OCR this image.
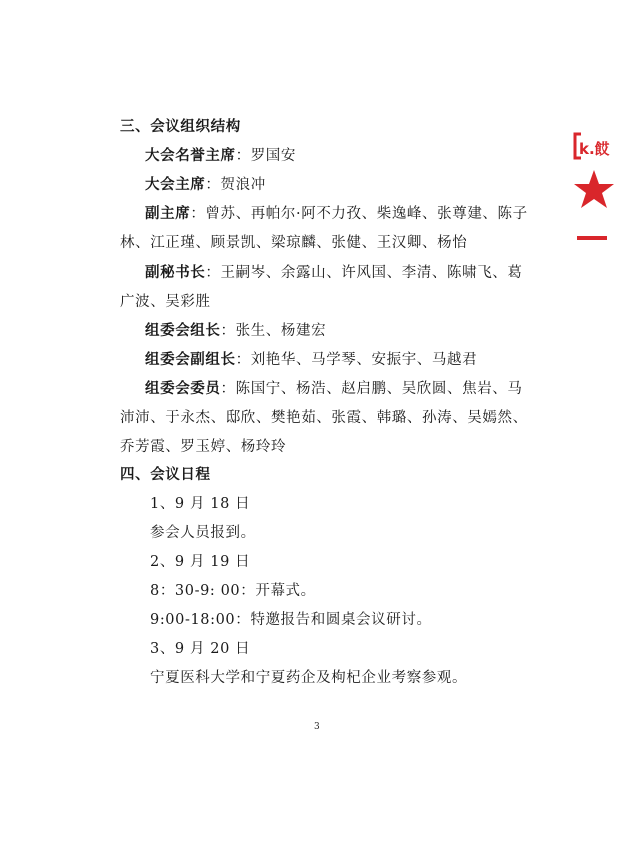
三、会议组织结构
大会名誉主席：罗国安
大会主席：贺浪冲
副主席：曾苏、再帕尔·阿不力孜、柴逸峰、张尊建、陈子
林、江正瑾、顾景凯、梁琼麟、张健、王汉卿、杨怡
副秘书长：王嗣岑、余露山、许风国、李清、陈啸飞、葛
广波、吴彩胜
组委会组长：张生、杨建宏
组委会副组长：刘艳华、马学琴、安振宇、马越君
组委会委员：陈国宁、杨浩、赵启鹏、吴欣圆、焦岩、马
沛沛、于永杰、邸欣、樊艳茹、张霞、韩璐、孙涛、吴嫣然、
乔芳霞、罗玉婷、杨玲玲
四、会议日程
1、9 月 18 日
参会人员报到。
2、9 月 19 日
8：30-9: 00：开幕式。
9:00-18:00：特邀报告和圆桌会议研讨。
3、9 月 20 日
宁夏医科大学和宁夏药企及枸杞企业考察参观。
3
k.餀
